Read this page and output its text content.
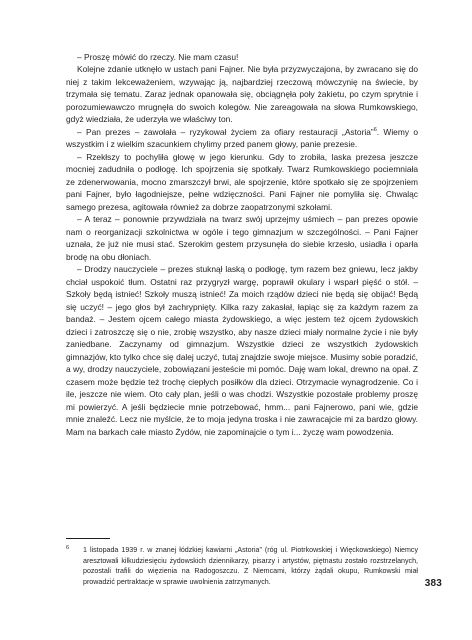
– Proszę mówić do rzeczy. Nie mam czasu!

Kolejne zdanie utknęło w ustach pani Fajner. Nie była przyzwyczajona, by zwracano się do niej z takim lekceważeniem, wzywając ją, najbardziej rzeczową mówczynię na świecie, by trzymała się tematu. Zaraz jednak opanowała się, obciągnęła poły żakietu, po czym sprytnie i porozumiewawczo mrugnęła do swoich kolegów. Nie zareagowała na słowa Rumkowskiego, gdyż wiedziała, że uderzyła we właściwy ton.

– Pan prezes – zawołała – ryzykował życiem za ofiary restauracji „Astoria”$^6$. Wiemy o wszystkim i z wielkim szacunkiem chylimy przed panem głowy, panie prezesie.

– Rzekłszy to pochyliła głowę w jego kierunku. Gdy to zrobiła, laska prezesa jeszcze mocniej zadudniła o podłogę. Ich spojrzenia się spotkały. Twarz Rumkowskiego pociemniała ze zdenerwowania, mocno zmarszczył brwi, ale spojrzenie, które spotkało się ze spojrzeniem pani Fajner, było łagodniejsze, pełne wdzięczności. Pani Fajner nie pomyliła się. Chwaląc samego prezesa, agitowała również za dobrze zaopatrzonymi szkołami.

– A teraz – ponownie przywdziała na twarz swój uprzejmy uśmiech – pan prezes opowie nam o reorganizacji szkolnictwa w ogóle i tego gimnazjum w szczególności. – Pani Fajner uznała, że już nie musi stać. Szerokim gestem przysunęła do siebie krzesło, usiadła i oparła brodę na obu dłoniach.

– Drodzy nauczyciele – prezes stuknął laską o podłogę, tym razem bez gniewu, lecz jakby chciał uspokoić tłum. Ostatni raz przygryzł wargę, poprawił okulary i wsparł pięść o stół. – Szkoły będą istnieć! Szkoły muszą istnieć! Za moich rządów dzieci nie będą się obijać! Będą się uczyć! – jego głos był zachrypnięty. Kilka razy zakasłał, łapiąc się za każdym razem za bandaż. – Jestem ojcem całego miasta żydowskiego, a więc jestem też ojcem żydowskich dzieci i zatroszczę się o nie, zrobię wszystko, aby nasze dzieci miały normalne życie i nie były zaniedbane. Zaczynamy od gimnazjum. Wszystkie dzieci ze wszystkich żydowskich gimnazjów, kto tylko chce się dalej uczyć, tutaj znajdzie swoje miejsce. Musimy sobie poradzić, a wy, drodzy nauczyciele, zobowiązani jesteście mi pomóc. Daję wam lokal, drewno na opał. Z czasem może będzie też trochę ciepłych posiłków dla dzieci. Otrzymacie wynagrodzenie. Co i ile, jeszcze nie wiem. Oto cały plan, jeśli o was chodzi. Wszystkie pozostałe problemy proszę mi powierzyć. A jeśli będziecie mnie potrzebować, hmm... pani Fajnerowo, pani wie, gdzie mnie znaleźć. Lecz nie myślcie, że to moja jedyna troska i nie zawracajcie mi za bardzo głowy. Mam na barkach całe miasto Żydów, nie zapominajcie o tym i... życzę wam powodzenia.

6 1 listopada 1939 r. w znanej łódzkiej kawiarni „Astoria” (róg ul. Piotrkowskiej i Więckowskiego) Niemcy aresztowali kilkudziesięciu żydowskich dziennikarzy, pisarzy i artystów, piętnastu zostało rozstrzelanych, pozostali trafili do więzienia na Radogoszczu. Z Niemcami, którzy żądali okupu, Rumkowski miał prowadzić pertraktacje w sprawie uwolnienia zatrzymanych.	383
